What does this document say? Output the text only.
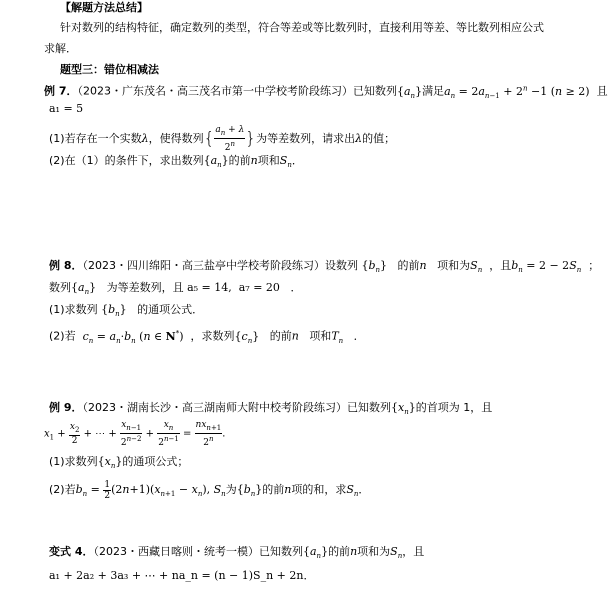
【解题方法总结】
针对数列的结构特征，确定数列的类型，符合等差或等比数列时，直接利用等差、等比数列相应公式
求解．
题型三：错位相减法
例 7．（2023・广东茂名・高三茂名市第一中学校考阶段练习）已知数列$\{a_n\}$满足$a_n = 2a_{n-1} + 2^n -1$ (n ≥ 2) 且
a₁ = 5
(1)若存在一个实数λ，使得数列{ $\frac{a_n + \lambda}{2^n}$ }为等差数列，请求出λ的值；
(2)在（1）的条件下，求出数列$\{a_n\}$的前n项和$S_n$．
例 8．（2023・四川绵阳・高三盐亭中学校考阶段练习）设数列 $\{b_n\}$ 的前n 项和为$S_n$ ，且$b_n = 2 - 2S_n$  ；
数列$\{a_n\}$ 为等差数列，且 a₅ = 14, a₇ = 20 ．
(1)求数列 $\{b_n\}$ 的通项公式．
(2)若 $c_n = a_n\cdot b_n$ (n ∈ N*) ，求数列$\{c_n\}$ 的前n 项和$T_n$ ．
例 9．（2023・湖南长沙・高三湖南师大附中校考阶段练习）已知数列$\{x_n\}$的首项为 1，且
$x_1 + \frac{x_2}{2}$ + ⋯ + $\frac{x_{n-1}}{2^{n-2}} + \frac{x_n}{2^{n-1}} = \frac{nx_{n+1}}{2^n}$ ．
(1)求数列$\{x_n\}$的通项公式；
(2)若$b_n = \frac{1}{2} (2n+1)(x_{n+1} - x_n)$, $S_n$为$\{b_n\}$的前n项的和，求$S_n$．
变式 4．（2023・西藏日喀则・统考一模）已知数列$\{a_n\}$的前n项和为$S_n$，且
a₁ + 2a₂ + 3a₃ + ⋯ + na_n = (n − 1)S_n + 2n．
